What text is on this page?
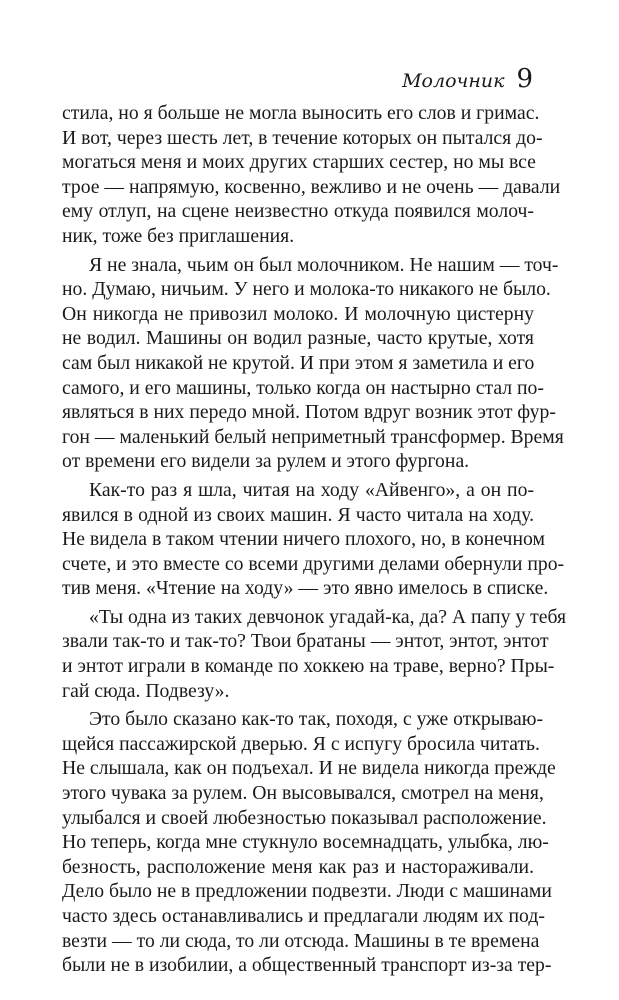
Молочник 9
стила, но я больше не могла выносить его слов и гримас.
И вот, через шесть лет, в течение которых он пытался до-
могаться меня и моих других старших сестер, но мы все
трое — напрямую, косвенно, вежливо и не очень — давали
ему отлуп, на сцене неизвестно откуда появился молоч-
ник, тоже без приглашения.
Я не знала, чьим он был молочником. Не нашим — точ-
но. Думаю, ничьим. У него и молока-то никакого не было.
Он никогда не привозил молоко. И молочную цистерну
не водил. Машины он водил разные, часто крутые, хотя
сам был никакой не крутой. И при этом я заметила и его
самого, и его машины, только когда он настырно стал по-
являться в них передо мной. Потом вдруг возник этот фур-
гон — маленький белый неприметный трансформер. Время
от времени его видели за рулем и этого фургона.
Как-то раз я шла, читая на ходу «Айвенго», а он по-
явился в одной из своих машин. Я часто читала на ходу.
Не видела в таком чтении ничего плохого, но, в конечном
счете, и это вместе со всеми другими делами обернули про-
тив меня. «Чтение на ходу» — это явно имелось в списке.
«Ты одна из таких девчонок угадай-ка, да? А папу у тебя
звали так-то и так-то? Твои братаны — энтот, энтот, энтот
и энтот играли в команде по хоккею на траве, верно? Пры-
гай сюда. Подвезу».
Это было сказано как-то так, походя, с уже открываю-
щейся пассажирской дверью. Я с испугу бросила читать.
Не слышала, как он подъехал. И не видела никогда прежде
этого чувака за рулем. Он высовывался, смотрел на меня,
улыбался и своей любезностью показывал расположение.
Но теперь, когда мне стукнуло восемнадцать, улыбка, лю-
безность, расположение меня как раз и настораживали.
Дело было не в предложении подвезти. Люди с машинами
часто здесь останавливались и предлагали людям их под-
везти — то ли сюда, то ли отсюда. Машины в те времена
были не в изобилии, а общественный транспорт из-за тер-
